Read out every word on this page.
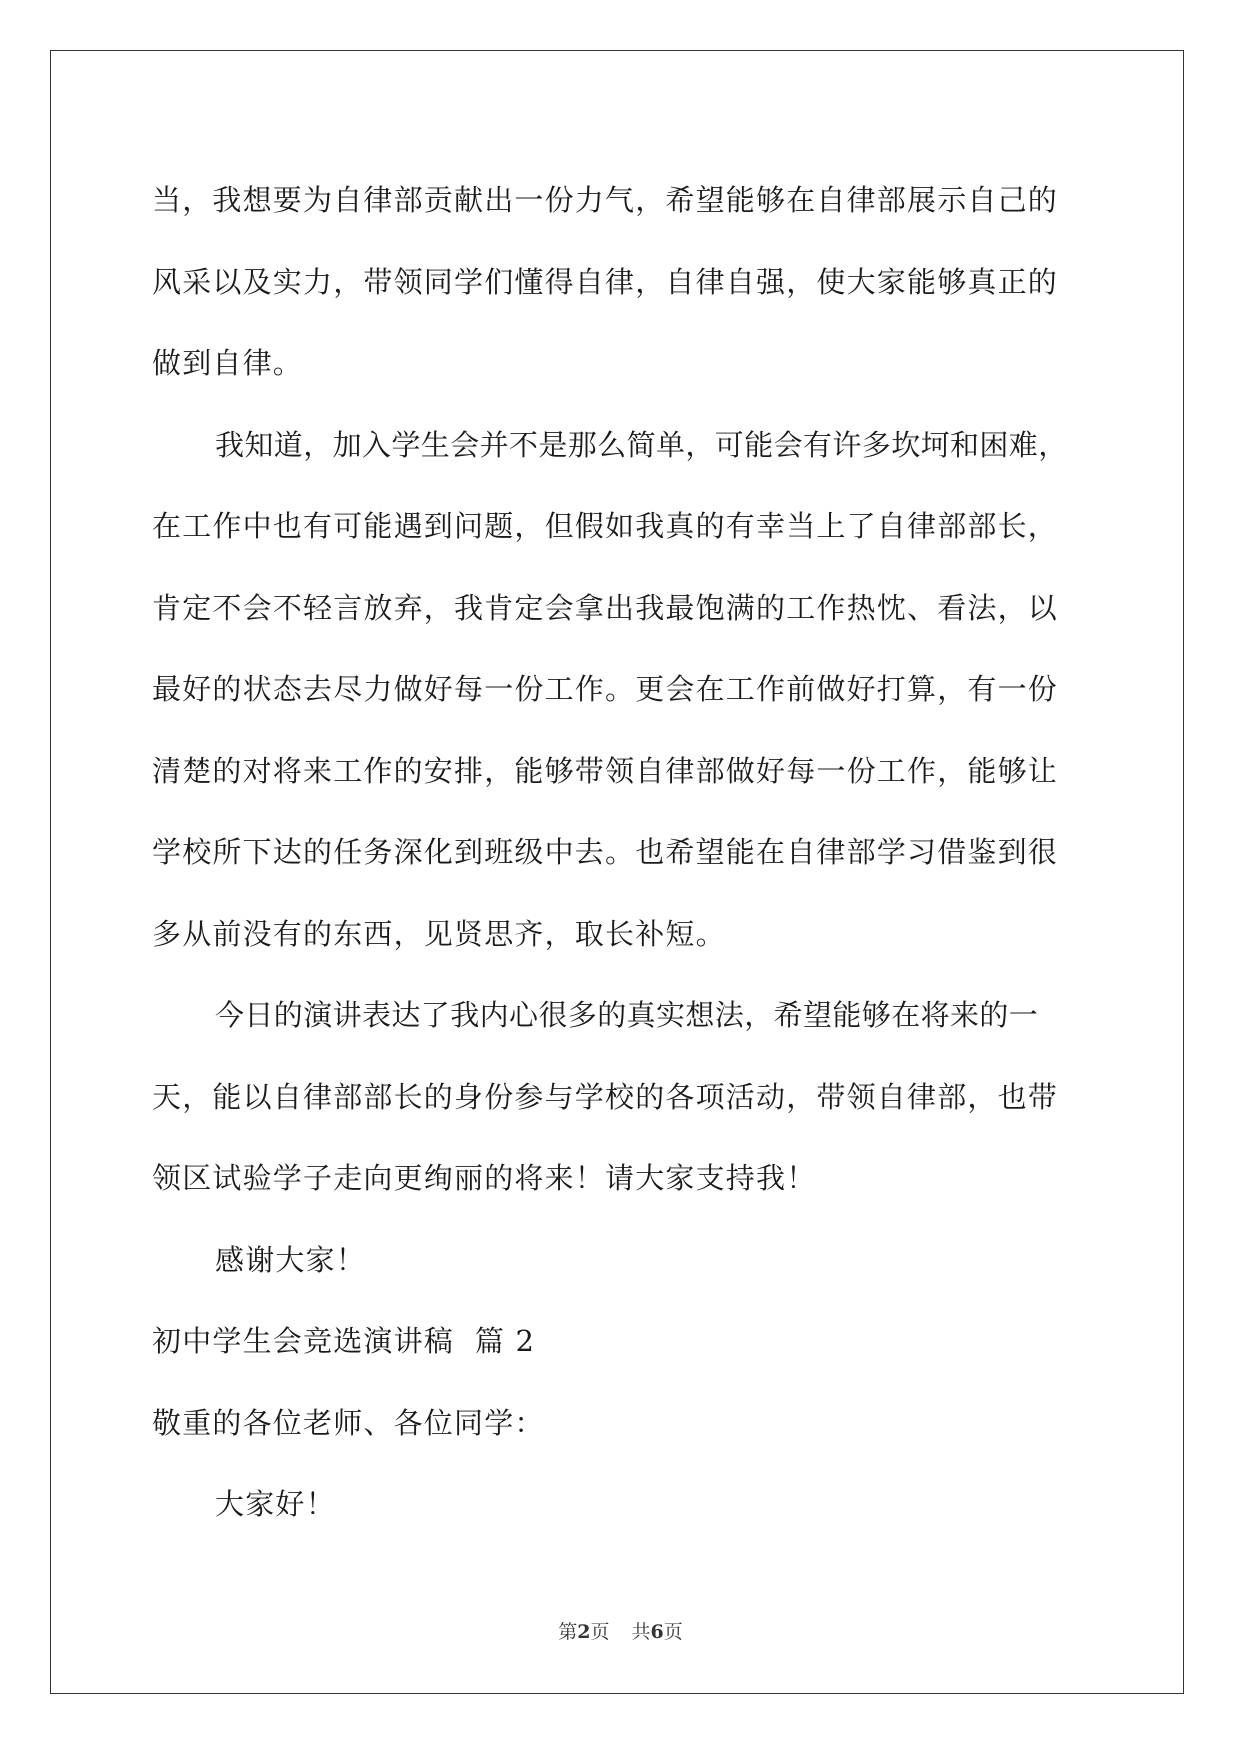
当，我想要为自律部贡献出一份力气，希望能够在自律部展示自己的
风采以及实力，带领同学们懂得自律，自律自强，使大家能够真正的
做到自律。
我知道，加入学生会并不是那么简单，可能会有许多坎坷和困难，
在工作中也有可能遇到问题，但假如我真的有幸当上了自律部部长，
肯定不会不轻言放弃，我肯定会拿出我最饱满的工作热忱、看法，以
最好的状态去尽力做好每一份工作。更会在工作前做好打算，有一份
清楚的对将来工作的安排，能够带领自律部做好每一份工作，能够让
学校所下达的任务深化到班级中去。也希望能在自律部学习借鉴到很
多从前没有的东西，见贤思齐，取长补短。
今日的演讲表达了我内心很多的真实想法，希望能够在将来的一
天，能以自律部部长的身份参与学校的各项活动，带领自律部，也带
领区试验学子走向更绚丽的将来！请大家支持我！
感谢大家！
初中学生会竞选演讲稿  篇 2
敬重的各位老师、各位同学：
大家好！
第2页 共6页
